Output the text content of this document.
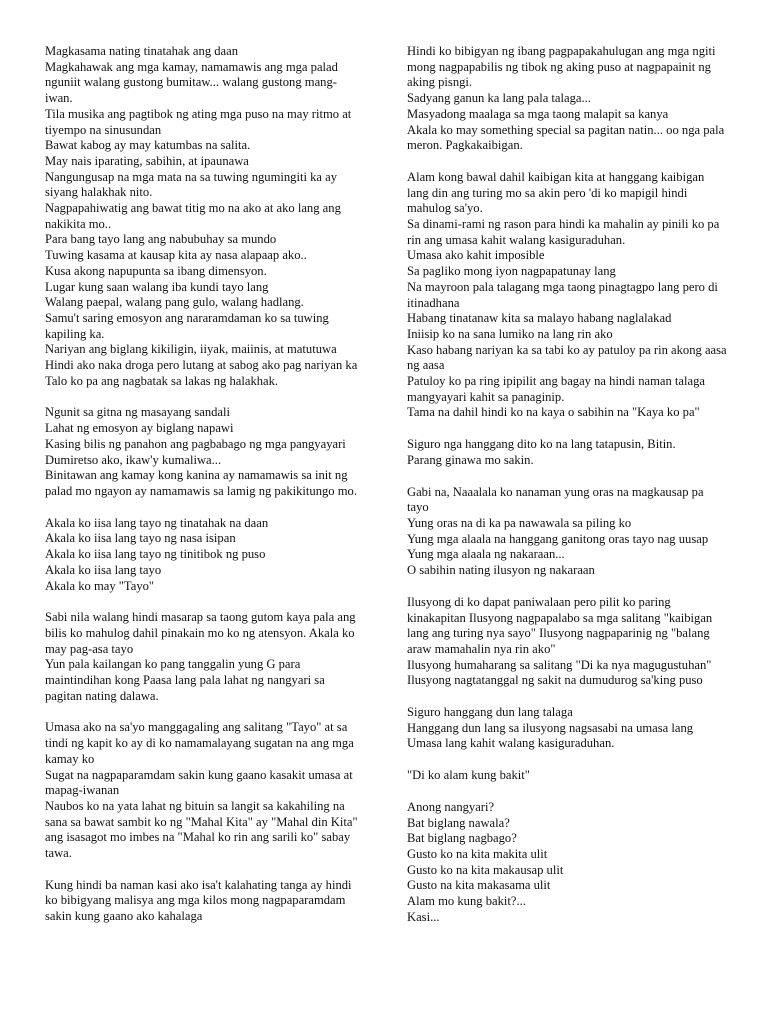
Magkasama nating tinatahak ang daan
Magkahawak ang mga kamay, namamawis ang mga palad nguniit walang gustong bumitaw... walang gustong mang-iwan.
Tila musika ang pagtibok ng ating mga puso na may ritmo at tiyempo na sinusundan
Bawat kabog ay may katumbas na salita.
May nais iparating, sabihin, at ipaunawa
Nangungusap na mga mata na sa tuwing ngumingiti ka ay siyang halakhak nito.
Nagpapahiwatig ang bawat titig mo na ako at ako lang ang nakikita mo..
Para bang tayo lang ang nabubuhay sa mundo
Tuwing kasama at kausap kita ay nasa alapaap ako..
Kusa akong napupunta sa ibang dimensyon.
Lugar kung saan walang iba kundi tayo lang
Walang paepal, walang pang gulo, walang hadlang.
Samu't saring emosyon ang nararamdaman ko sa tuwing kapiling ka.
Nariyan ang biglang kikiligin, iiyak, maiinis, at matutuwa
Hindi ako naka droga pero lutang at sabog ako pag nariyan ka
Talo ko pa ang nagbatak sa lakas ng halakhak.
Ngunit sa gitna ng masayang sandali
Lahat ng emosyon ay biglang napawi
Kasing bilis ng panahon ang pagbabago ng mga pangyayari
Dumiretso ako, ikaw'y kumaliwa...
Binitawan ang kamay kong kanina ay namamawis sa init ng palad mo ngayon ay namamawis sa lamig ng pakikitungo mo.
Akala ko iisa lang tayo ng tinatahak na daan
Akala ko iisa lang tayo ng nasa isipan
Akala ko iisa lang tayo ng tinitibok ng puso
Akala ko iisa lang tayo
Akala ko may "Tayo"
Sabi nila walang hindi masarap sa taong gutom kaya pala ang bilis ko mahulog dahil pinakain mo ko ng atensyon. Akala ko may pag-asa tayo
Yun pala kailangan ko pang tanggalin yung G para maintindihan kong Paasa lang pala lahat ng nangyari sa pagitan nating dalawa.
Umasa ako na sa'yo manggagaling ang salitang "Tayo" at sa tindi ng kapit ko ay di ko namamalayang sugatan na ang mga kamay ko
Sugat na nagpaparamdam sakin kung gaano kasakit umasa at mapag-iwanan
Naubos ko na yata lahat ng bituin sa langit sa kakahiling na sana sa bawat sambit ko ng "Mahal Kita" ay "Mahal din Kita" ang isasagot mo imbes na "Mahal ko rin ang sarili ko" sabay tawa.
Kung hindi ba naman kasi ako isa't kalahating tanga ay hindi ko bibigyang malisya ang mga kilos mong nagpaparamdam sakin kung gaano ako kahalaga
Hindi ko bibigyan ng ibang pagpapakahulugan ang mga ngiti mong nagpapabilis ng tibok ng aking puso at nagpapainit ng aking pisngi.
Sadyang ganun ka lang pala talaga...
Masyadong maalaga sa mga taong malapit sa kanya
Akala ko may something special sa pagitan natin... oo nga pala meron. Pagkakaibigan.
Alam kong bawal dahil kaibigan kita at hanggang kaibigan lang din ang turing mo sa akin pero 'di ko mapigil hindi mahulog sa'yo.
Sa dinami-rami ng rason para hindi ka mahalin ay pinili ko pa rin ang umasa kahit walang kasiguraduhan.
Umasa ako kahit imposible
Sa pagliko mong iyon nagpapatunay lang
Na mayroon pala talagang mga taong pinagtagpo lang pero di itinadhana
Habang tinatanaw kita sa malayo habang naglalakad
Iniisip ko na sana lumiko na lang rin ako
Kaso habang nariyan ka sa tabi ko ay patuloy pa rin akong aasa ng aasa
Patuloy ko pa ring ipipilit ang bagay na hindi naman talaga mangyayari kahit sa panaginip.
Tama na dahil hindi ko na kaya o sabihin na "Kaya ko pa"
Siguro nga hanggang dito ko na lang tatapusin, Bitin.
Parang ginawa mo sakin.
Gabi na, Naaalala ko nanaman yung oras na magkausap pa tayo
Yung oras na di ka pa nawawala sa piling ko
Yung mga alaala na hanggang ganitong oras tayo nag uusap
Yung mga alaala ng nakaraan...
O sabihin nating ilusyon ng nakaraan
Ilusyong di ko dapat paniwalaan pero pilit ko paring kinakapitan Ilusyong nagpapalabo sa mga salitang "kaibigan lang ang turing nya sayo" Ilusyong nagpaparinig ng "balang araw mamahalin nya rin ako"
Ilusyong humaharang sa salitang "Di ka nya magugustuhan"
Ilusyong nagtatanggal ng sakit na dumudurog sa'king puso
Siguro hanggang dun lang talaga
Hanggang dun lang sa ilusyong nagsasabi na umasa lang
Umasa lang kahit walang kasiguraduhan.
"Di ko alam kung bakit"
Anong nangyari?
Bat biglang nawala?
Bat biglang nagbago?
Gusto ko na kita makita ulit
Gusto ko na kita makausap ulit
Gusto na kita makasama ulit
Alam mo kung bakit?...
Kasi...
